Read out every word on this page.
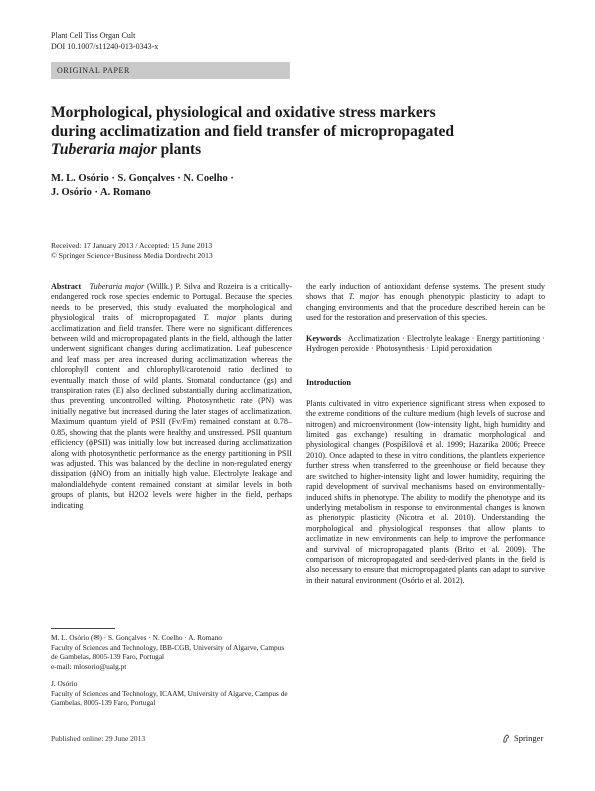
Plant Cell Tiss Organ Cult
DOI 10.1007/s11240-013-0343-x
ORIGINAL PAPER
Morphological, physiological and oxidative stress markers
during acclimatization and field transfer of micropropagated
Tuberaria major plants
M. L. Osório · S. Gonçalves · N. Coelho ·
J. Osório · A. Romano
Received: 17 January 2013 / Accepted: 15 June 2013
© Springer Science+Business Media Dordrecht 2013

Abstract Tuberaria major (Willk.) P. Silva and Rozeira is a critically-endangered rock rose species endemic to Portugal. Because the species needs to be preserved, this study evaluated the morphological and physiological traits of micropropagated T. major plants during acclimatization and field transfer. There were no significant differences between wild and micropropagated plants in the field, although the latter underwent significant changes during acclimatization. Leaf pubescence and leaf mass per area increased during acclimatization whereas the chlorophyll content and chlorophyll/carotenoid ratio declined to eventually match those of wild plants. Stomatal conductance (gs) and transpiration rates (E) also declined substantially during acclimatization, thus preventing uncontrolled wilting. Photosynthetic rate (PN) was initially negative but increased during the later stages of acclimatization. Maximum quantum yield of PSII (Fv/Fm) remained constant at 0.78–0.85, showing that the plants were healthy and unstressed. PSII quantum efficiency (ϕPSII) was initially low but increased during acclimatization along with photosynthetic performance as the energy partitioning in PSII was adjusted. This was balanced by the decline in non-regulated energy dissipation (ϕNO) from an initially high value. Electrolyte leakage and malondialdehyde content remained constant at similar levels in both groups of plants, but H2O2 levels were higher in the field, perhaps indicating

M. L. Osório (✉) · S. Gonçalves · N. Coelho · A. Romano
Faculty of Sciences and Technology, IBB-CGB, University of Algarve, Campus de Gambelas, 8005-139 Faro, Portugal
e-mail: mlosorio@ualg.pt

J. Osório
Faculty of Sciences and Technology, ICAAM, University of Algarve, Campus de Gambelas, 8005-139 Faro, Portugal

the early induction of antioxidant defense systems. The present study shows that T. major has enough phenotypic plasticity to adapt to changing environments and that the procedure described herein can be used for the restoration and preservation of this species.

Keywords Acclimatization · Electrolyte leakage · Energy partitioning · Hydrogen peroxide · Photosynthesis · Lipid peroxidation

Introduction

Plants cultivated in vitro experience significant stress when exposed to the extreme conditions of the culture medium (high levels of sucrose and nitrogen) and microenvironment (low-intensity light, high humidity and limited gas exchange) resulting in dramatic morphological and physiological changes (Pospíšilová et al. 1999; Hazarika 2006; Preece 2010). Once adapted to these in vitro conditions, the plantlets experience further stress when transferred to the greenhouse or field because they are switched to higher-intensity light and lower humidity, requiring the rapid development of survival mechanisms based on environmentally-induced shifts in phenotype. The ability to modify the phenotype and its underlying metabolism in response to environmental changes is known as phenotypic plasticity (Nicotra et al. 2010). Understanding the morphological and physiological responses that allow plants to acclimatize in new environments can help to improve the performance and survival of micropropagated plants (Brito et al. 2009). The comparison of micropropagated and seed-derived plants in the field is also necessary to ensure that micropropagated plants can adapt to survive in their natural environment (Osório et al. 2012).

Published online: 29 June 2013	Springer
